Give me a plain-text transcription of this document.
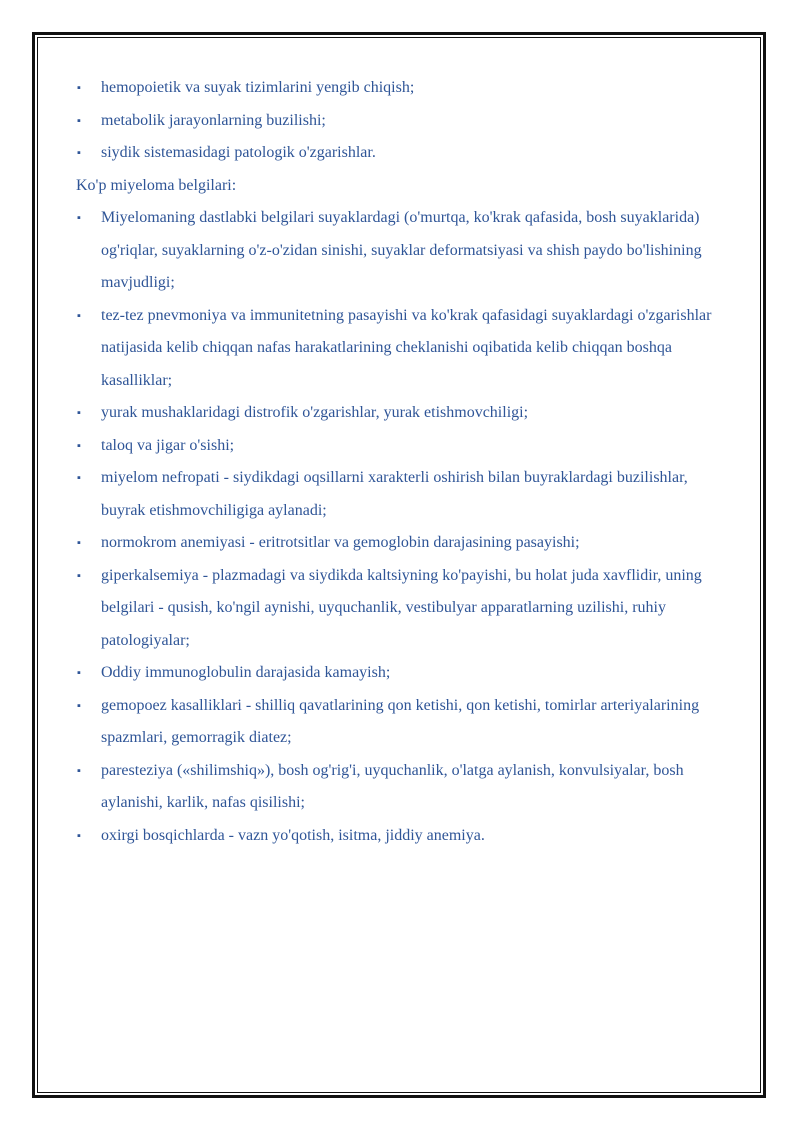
▪ hemopoietik va suyak tizimlarini yengib chiqish;
▪ metabolik jarayonlarning buzilishi;
▪ siydik sistemasidagi patologik o'zgarishlar.

Ko'p miyeloma belgilari:

▪ Miyelomaning dastlabki belgilari suyaklardagi (o'murtqa, ko'krak qafasida, bosh suyaklarida) og'riqlar, suyaklarning o'z-o'zidan sinishi, suyaklar deformatsiyasi va shish paydo bo'lishining mavjudligi;
▪ tez-tez pnevmoniya va immunitetning pasayishi va ko'krak qafasidagi suyaklardagi o'zgarishlar natijasida kelib chiqqan nafas harakatlarining cheklanishi oqibatida kelib chiqqan boshqa kasalliklar;
▪ yurak mushaklaridagi distrofik o'zgarishlar, yurak etishmovchiligi;
▪ taloq va jigar o'sishi;
▪ miyelom nefropati - siydikdagi oqsillarni xarakterli oshirish bilan buyraklardagi buzilishlar, buyrak etishmovchiligiga aylanadi;
▪ normokrom anemiyasi - eritrotsitlar va gemoglobin darajasining pasayishi;
▪ giperkalsemiya - plazmadagi va siydikda kaltsiyning ko'payishi, bu holat juda xavflidir, uning belgilari - qusish, ko'ngil aynishi, uyquchanlik, vestibulyar apparatlarning uzilishi, ruhiy patologiyalar;
▪ Oddiy immunoglobulin darajasida kamayish;
▪ gemopoez kasalliklari - shilliq qavatlarining qon ketishi, qon ketishi, tomirlar arteriyalarining spazmlari, gemorragik diatez;
▪ paresteziya («shilimshiq»), bosh og'rig'i, uyquchanlik, o'latga aylanish, konvulsiyalar, bosh aylanishi, karlik, nafas qisilishi;
▪ oxirgi bosqichlarda - vazn yo'qotish, isitma, jiddiy anemiya.
